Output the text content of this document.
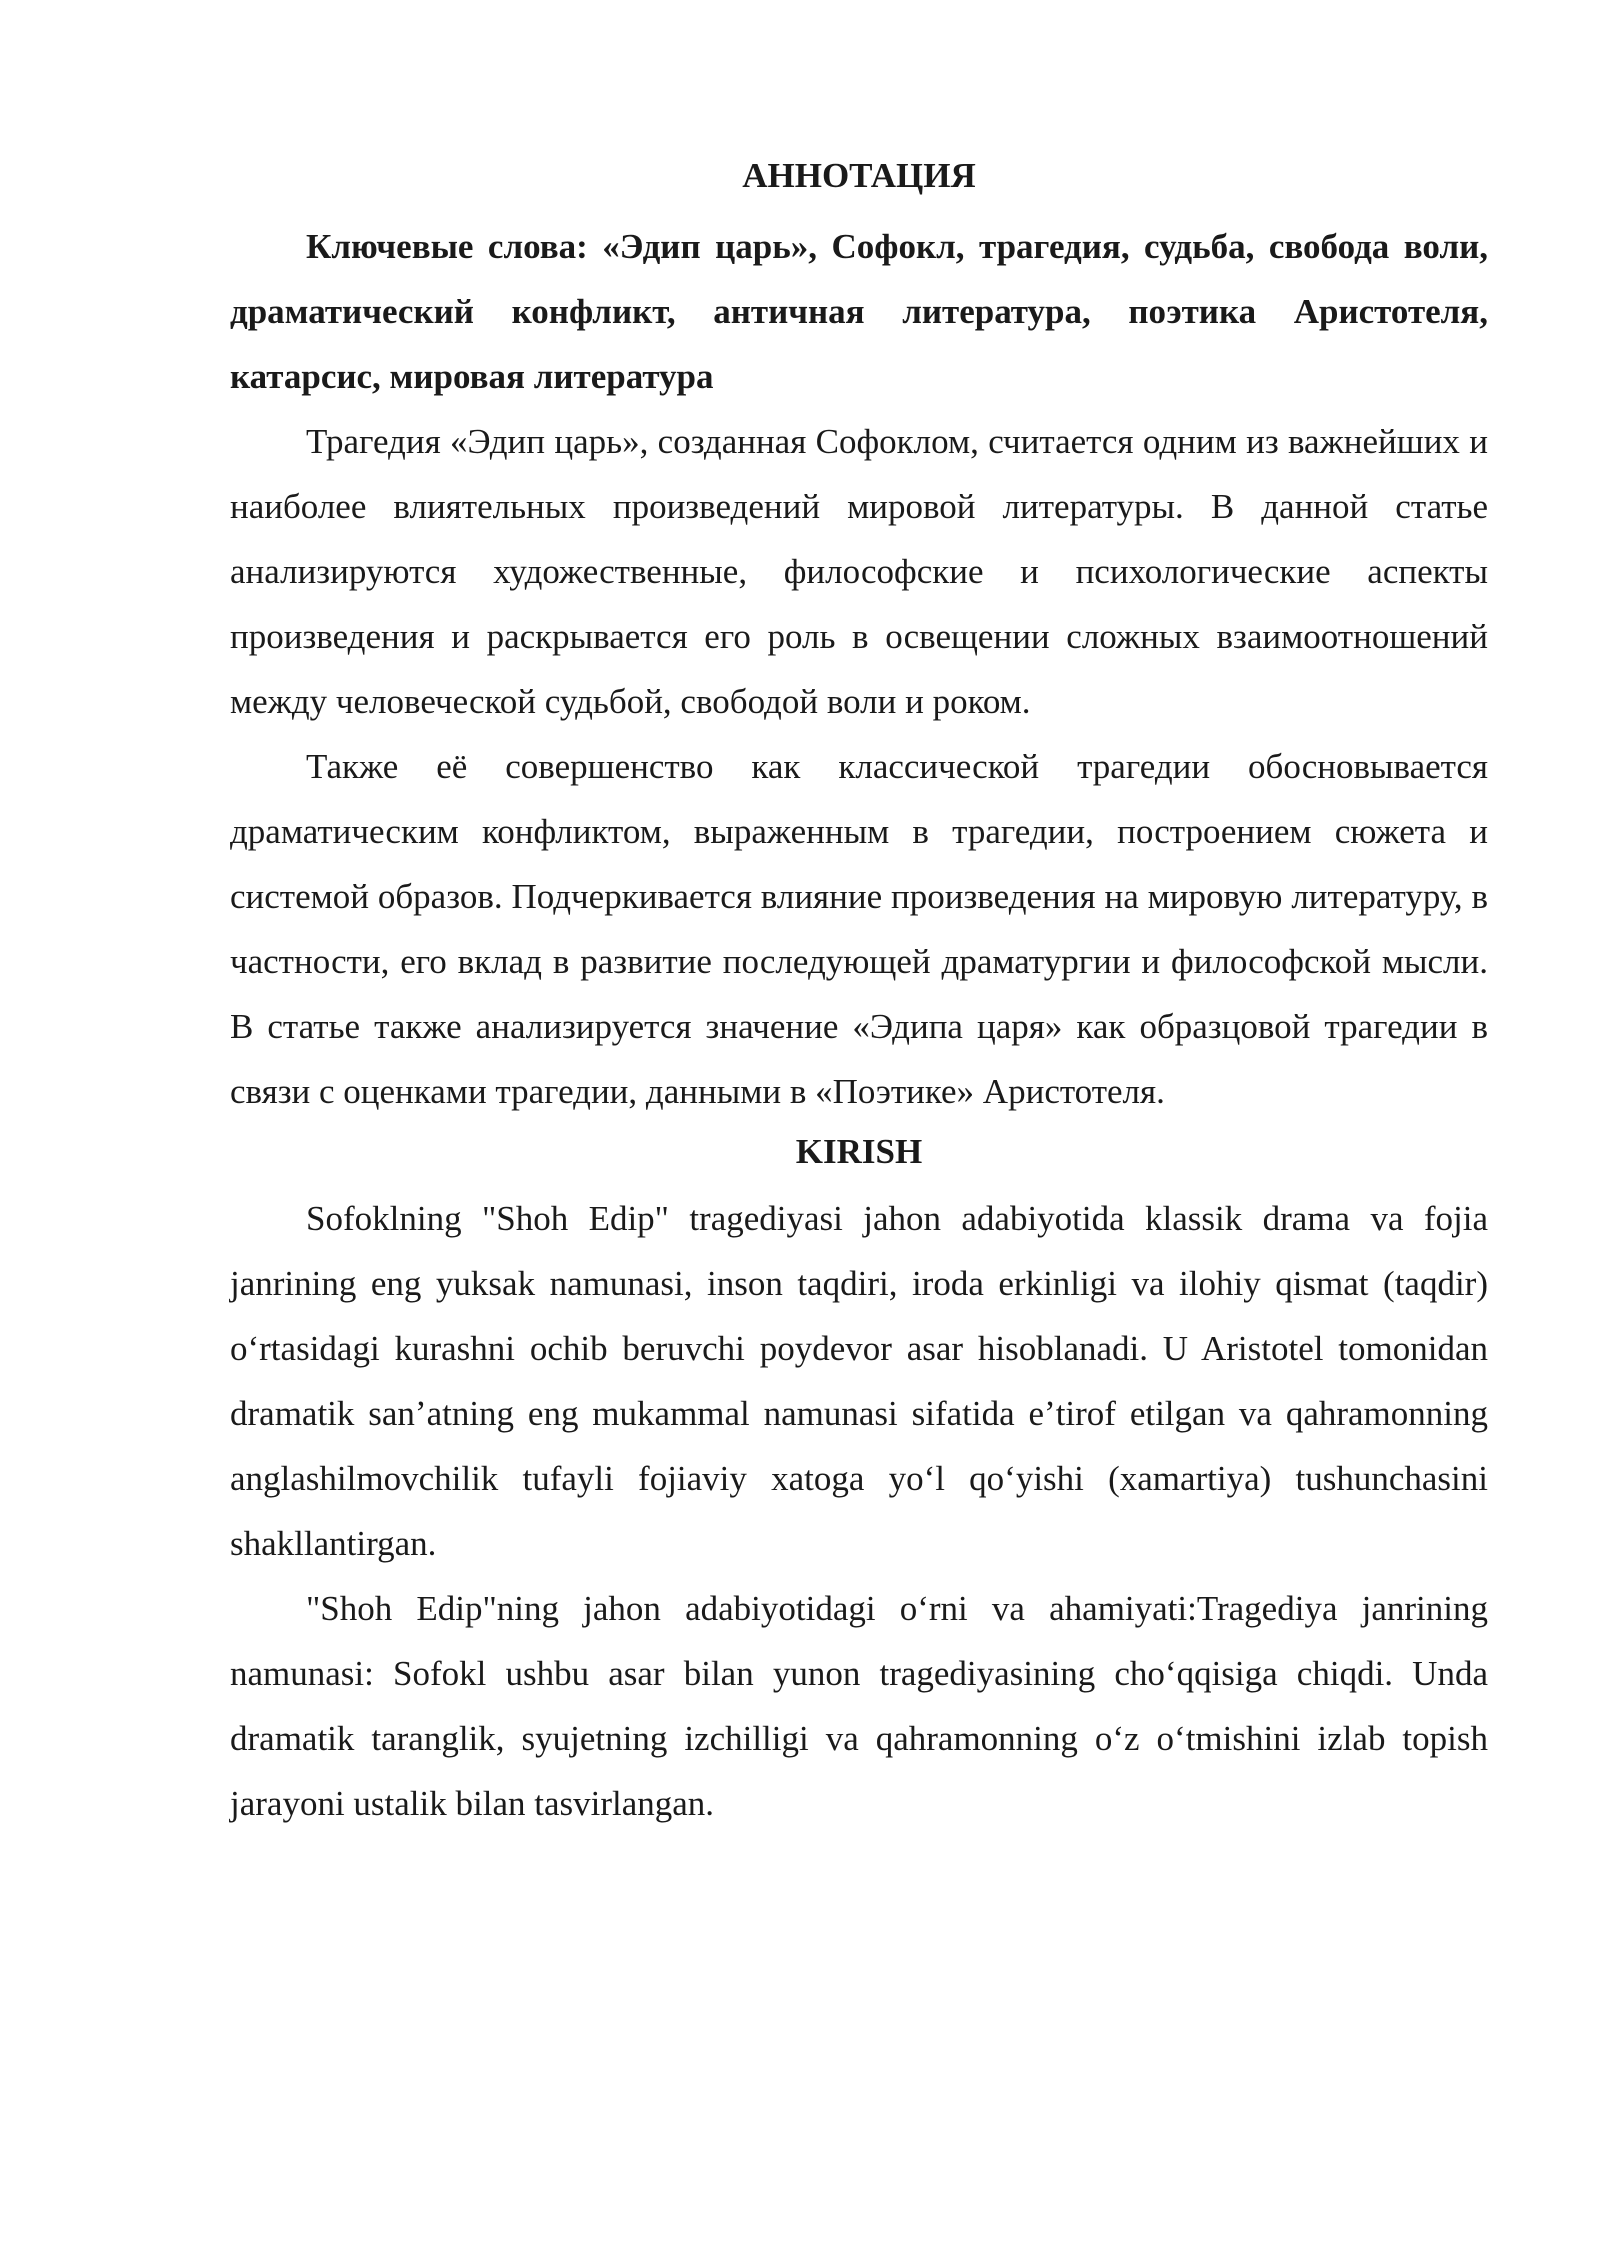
АННОТАЦИЯ

Ключевые слова: «Эдип царь», Софокл, трагедия, судьба, свобода воли, драматический конфликт, античная литература, поэтика Аристотеля, катарсис, мировая литература

Трагедия «Эдип царь», созданная Софоклом, считается одним из важнейших и наиболее влиятельных произведений мировой литературы. В данной статье анализируются художественные, философские и психологические аспекты произведения и раскрывается его роль в освещении сложных взаимоотношений между человеческой судьбой, свободой воли и роком.

Также её совершенство как классической трагедии обосновывается драматическим конфликтом, выраженным в трагедии, построением сюжета и системой образов. Подчеркивается влияние произведения на мировую литературу, в частности, его вклад в развитие последующей драматургии и философской мысли. В статье также анализируется значение «Эдипа царя» как образцовой трагедии в связи с оценками трагедии, данными в «Поэтике» Аристотеля.

KIRISH

Sofoklning "Shoh Edip" tragediyasi jahon adabiyotida klassik drama va fojia janrining eng yuksak namunasi, inson taqdiri, iroda erkinligi va ilohiy qismat (taqdir) oʻrtasidagi kurashni ochib beruvchi poydevor asar hisoblanadi. U Aristotel tomonidan dramatik sanʼatning eng mukammal namunasi sifatida eʼtirof etilgan va qahramonning anglashilmovchilik tufayli fojiaviy xatoga yoʻl qoʻyishi (xamartiya) tushunchasini shakllantirgan.

"Shoh Edip"ning jahon adabiyotidagi oʻrni va ahamiyati:Tragediya janrining namunasi: Sofokl ushbu asar bilan yunon tragediyasining choʻqqisiga chiqdi. Unda dramatik taranglik, syujetning izchilligi va qahramonning oʻz oʻtmishini izlab topish jarayoni ustalik bilan tasvirlangan.
